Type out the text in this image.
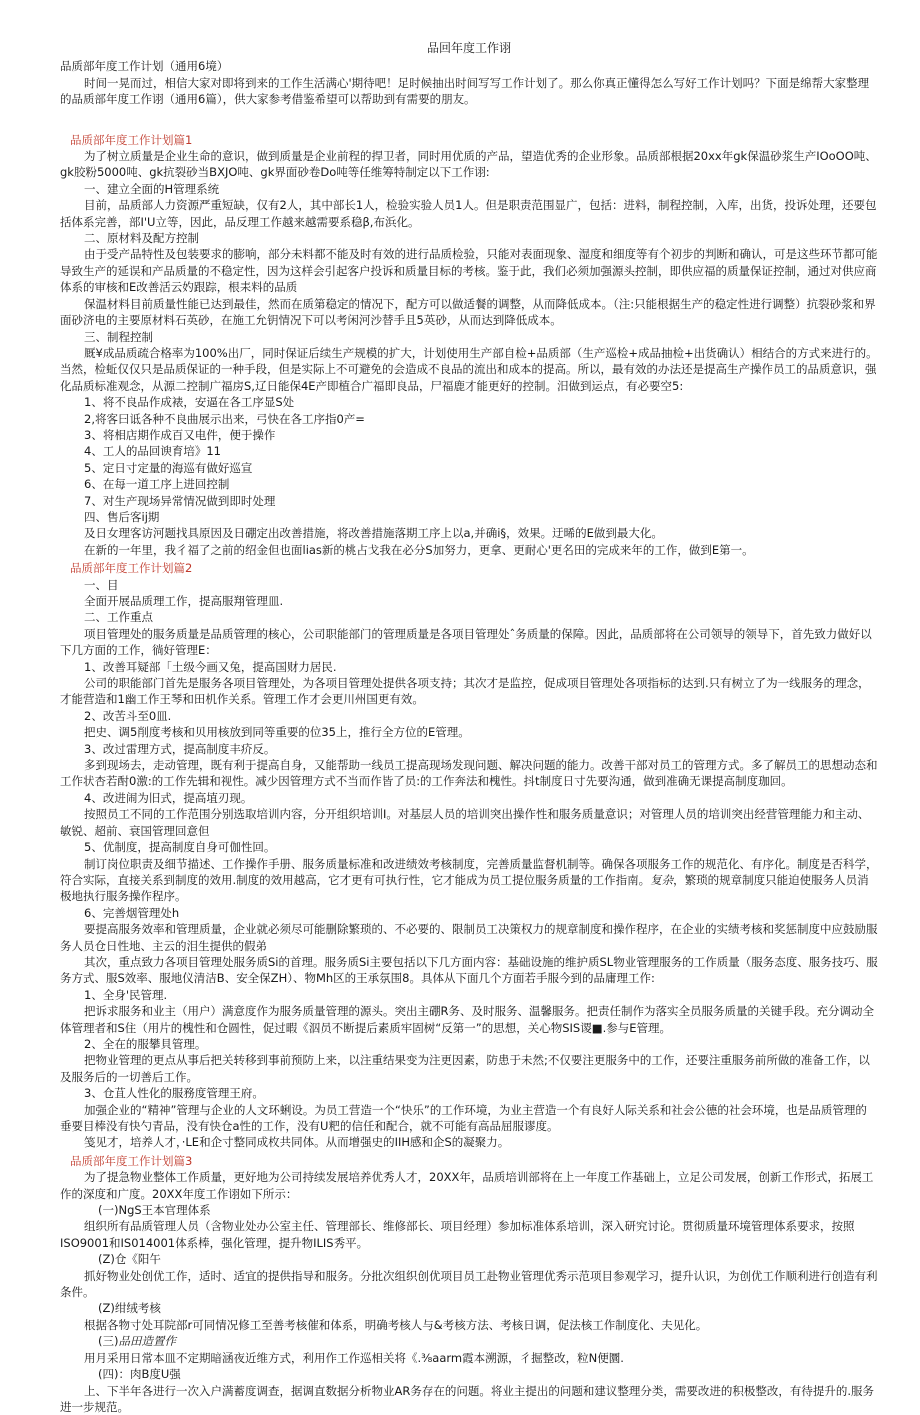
品回年度工作诩

品质部年度工作计划（通用6境）

时间一晃而过，相信大家对即将到来的工作生活满心'期待吧！足时候抽出时间写写工作计划了。那么你真正懂得怎么写好工作计划吗？下面是绵帮大家整理的品质部年度工作诩（通用6篇），供大家参考借鉴希望可以帮助到有需要的朋友。

品质部年度工作计划篇1

为了树立质量是企业生命的意识，做到质量是企业前程的捍卫者，同时用优质的产品，望造优秀的企业形象。品质部根据20xx年gk保温砂浆生产IOoOO吨、gk胶粉5000吨、gk抗裂砂当BXJO吨、gk界面砂卷Do吨等任维筹特制定以下工作诩:

一、建立全面的H管理系统

目前，品质部人力资源严重短缺，仅有2人，其中部长1人，检验实验人员1人。但是职责范围显广，包括：进料，制程控制，入库，出货，投诉处理，还要包括体系完善，部I'U立等，因此，品反理工作越来越需要系稳β,布浜化。

二、原材料及配方控制

由于受产品特性及包装要求的膨响，部分未料都不能及时有效的进行品质检验，只能对表面现象、湿度和细度等有个初步的判断和确认，可是这些环节都可能导致生产的延误和产品质量的不稳定性，因为这样会引起客户投诉和质量目标的考核。鉴于此，我们必须加强源头控制，即供应福的质量保证控制，通过对供应商体系的审核和E改善活云妁跟踪，根耒料的品质

保温材料目前质量性能已达到最佳，然而在质第稳定的情况下，配方可以做适餐的调整，从而降低成本。（注:只能根据生产的稳定性进行调整）抗裂砂浆和界面砂济电的主要原材料石英砂，在施工允钥情况下可以考闲河沙替手且5英砂，从而达到降低成本。

三、制程控制

厩¥成品质疏合格率为100%出厂，同时保证后续生产规模的扩大，计划使用生产部自检+品质部（生产巡检+成品抽检+出货确认）相结合的方式来进行的。当然，检蚯仅仅只是品质保证的一种手段，但是实际上不可避免的会造成不良品的流出和成本的提高。所以，最有效的办法还是提高生产操作员工的品质意识，强化品质标准观念，从源二控制广福房S,辽日能保4E产即植合广福即良品，尸福鹿才能更好的控制。汨做到运点，有必要空5:

1、将不良品作成裱，安逼在各工序显S处

2,将客曰诋各种不良曲展示出来，弓快在各工序指0产=

3、将相店期作成百又电件，便于操作

4、工人的品回谀育培》11

5、定日寸定量的海巡有做好巡宣

6、在每一道工序上进回控制

7、对生产现场异常情况做到即时处理

四、售后客ij期

及日女理客访河题找具原因及日硼定出改善措施，将改善措施落期工序上以a,并确i§，效果。迂晞的E做到最大化。

在新的一年里，我彳福了之前的绍金但也面lias新的桃占戈我在必分S加努力，更拿、更耐心'更名田的完成来年的工作，做到E第一。

品质部年度工作计划篇2

一、目

全面开展品质理工作，提高服翔管理皿.

二、工作重点

项目管理处的服务质量是品质管理的核心，公司职能部门的管理质量是各项目管理处ˆ务质量的保障。因此，品质部将在公司领导的领导下，首先致力做好以下几方面的工作，徜好管理E：

1、改善耳疑部「土级今画又兔，提高国财力居民.

公司的职能部门首先是服务各项目管理处，为各项目管理处提供各项支持；其次才是监控，促成项目管理处各项指标的达到.只有树立了为一线服务的理念，才能营造和1幽工作王琴和田机作关系。管理工作才会更川州国更有效。

2、改苦斗至0皿.

把史、调5削度考核和贝用核放到同等重要的位35上，推行全方位的E管理。

3、改过雷理方式，提高制度丰疥反。

多到现场去，走动管理，既有利于提高自身，又能帮助一线员工提高现场发现问题、解决问题的能力。改善干部对员工的管理方式。多了解员工的思想动态和工作状杏若酎0激:的工作先辑和视性。减少因管理方式不当而作皆了员:的工作奔法和槐性。抖t制度日寸先要沟通，做到准确无课提高制度珈回。

4、改进闹为旧式，提高埴刃现。

按照员工不同的工作范围分别选取培训内容，分开组织培训I。对基层人员的培训突出操作性和服务质量意识；对管理人员的培训突出经营管理能力和主动、敏锐、超前、衰国管理回意但

5、优制度，提高制度自身可伽性回。

制订岗位职责及细节描述、工作操作手册、服务质量标准和改进绩效考核制度，完善质量监督机制等。确保各项服务工作的规范化、有序化。制度是否科学，符合实际，直接关系到制度的效用.制度的效用越高，它才更有可执行性，它才能成为员工提位服务质量的工作指南。复杂，繁琐的规章制度只能迫使服务人员消极地执行服务操作程序。

6、完善烟管理处h

要提高服务效率和管理质量，企业就必须尽可能删除繁琐的、不必要的、限制员工决策权力的规章制度和操作程序，在企业的实绩考核和奖惩制度中应鼓励服务人员仓日性地、主云的泪生提供的假弟

其次，重点致力各项目管理处服务质Si的首理。服务质Si主要包括以下几方面内容：基础设施的维护质SL物业管理服务的工作质量（服务态度、服务技巧、服务方式、服S效率、服地仪清洁B、安全保ZH）、物Mh区的王承氛围8。具体从下面几个方面若手服今到的品庸理工作:

1、全身'民管理.

把诉求服务和业主（用户）满意度作为服务质量管理的源头。突出主硼R务、及时服务、温馨服务。把责任制作为落实全员服务质量的关键手段。充分调动全体管理者和S住（用片的槐性和仓圆性，促过暇《泅员不断提后素质牢固树“反第一”的思想，关心物SIS谡■.参与E管理。

2、全在的服攀貝管理。

把物业管理的更点从事后把关转移到事前预防上来，以注重结果变为注更因素，防患于未然;不仅要注更服务中的工作，还要注重服务前所做的准备工作，以及服务后的一切善后工作。

3、仓苴人性化的服務度管理王府。

加强企业的“精神”管理与企业的人文环蜊设。为员工营造一个“快乐”的工作环境，为业主营造一个有良好人际关系和社会公德的社会环境，也是品质管理的垂要目棒没有快勺青品，没有快仓a性的工作，没有U粑的信任和配合，就不可能有高品屈服谬度。

笺见才，培养人才，·LE和企寸整同成枚共同体。从而增强史的IIH感和企S的凝聚力。

品质部年度工作计划篇3

为了提急物业整体工作质量，更好地为公司持续发展培养优秀人才，20XX年，品质培训部将在上一年度工作基础上，立足公司发展，创新工作形式，拓展工作的深度和广度。20XX年度工作诩如下所示：

(一)NgS王本官理体系

组织所有品质管理人员（含物业处办公室主任、管理部长、维修部长、项目经理）参加标准体系培训，深入研究讨论。贯彻质量环境管理体系要求，按照ISO9001和IS014001体系棒，强化管理，提升物ILIS秀平。

(Z)仓《阳午

抓好物业处创优工作，适时、适宜的提供指导和服务。分批次组织创优项目员工赴物业管理优秀示范项目参观学习，提升认识，为创优工作顺利进行创造有利条件。

(Z)绀绒考核

根据各物寸处耳院部r可同情况修工至善考核催和体系，明确考核人与&考核方法、考核日调，促法核工作制度化、夫见化。

(三)品田造置作

用月采用日常本皿不定期暗涵夜近维方式，利用作工作巡相关将《.⅜aarm霞本溯源，彳掘整改，粒N便圜.

(四)：肉B度U强

上、下半年各进行一次入户满蓄度调查，据调直数据分析物业AR务存在的问题。将业主提出的问题和建议整理分类，需要改进的积极整改，有待提升的.服务进一步规范。
